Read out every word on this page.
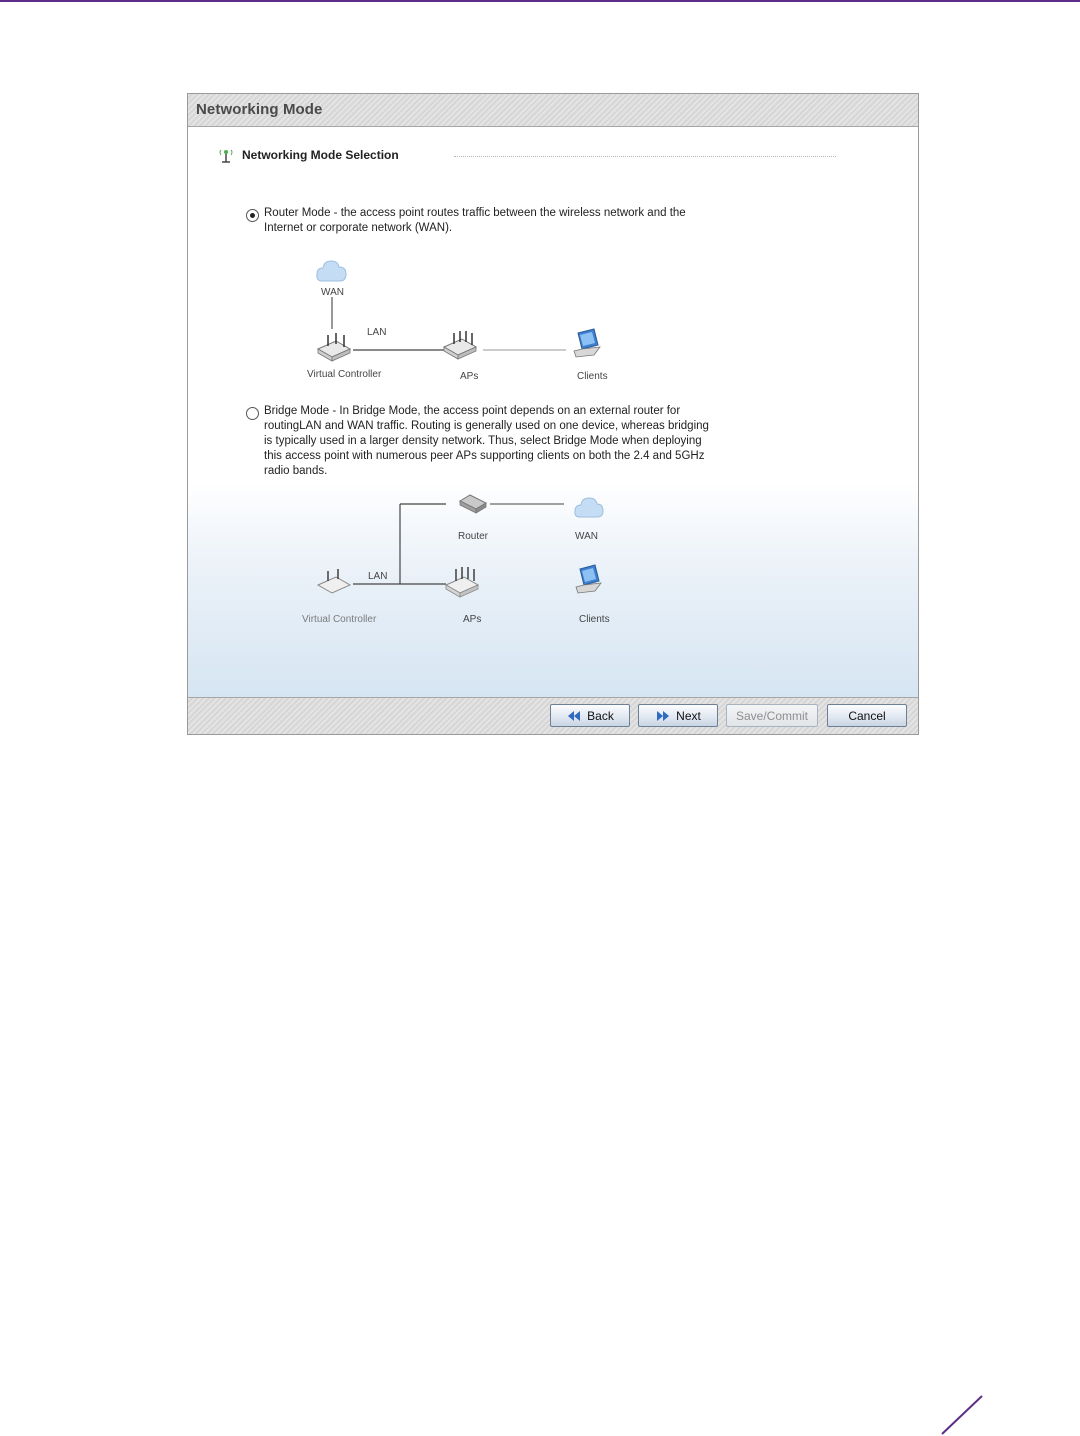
Networking Mode
Networking Mode Selection
Router Mode - the access point routes traffic between the wireless network and the
Internet or corporate network (WAN).
WAN
LAN
Virtual Controller	APs	Clients
Bridge Mode - In Bridge Mode, the access point depends on an external router for
routingLAN and WAN traffic. Routing is generally used on one device, whereas bridging
is typically used in a larger density network. Thus, select Bridge Mode when deploying
this access point with numerous peer APs supporting clients on both the 2.4 and 5GHz
radio bands.
Router	WAN
LAN
Virtual Controller	APs	Clients
Back	Next	Save/Commit	Cancel
